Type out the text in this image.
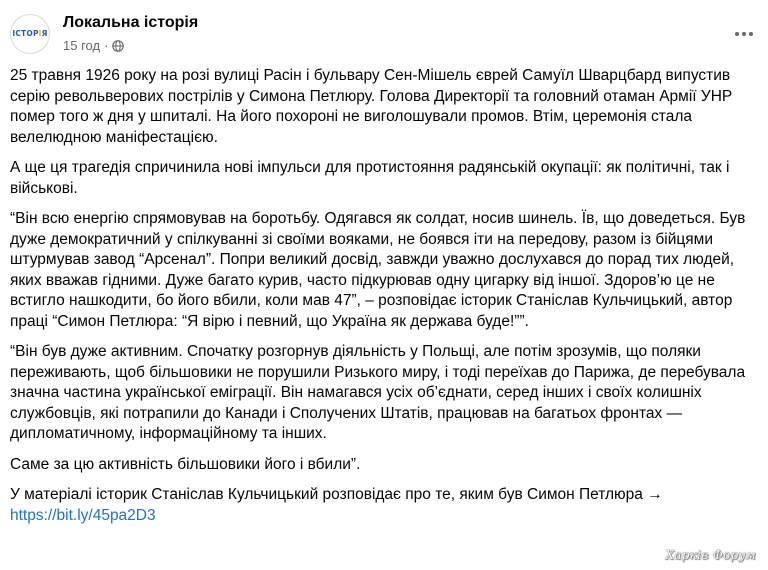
ІСТОРІЯ
Локальна історія
15 год ·

25 травня 1926 року на розі вулиці Расін і бульвару Сен-Мішель єврей Самуїл Шварцбард випустив серію револьверових пострілів у Симона Петлюру. Голова Директорії та головний отаман Армії УНР помер того ж дня у шпиталі. На його похороні не виголошували промов. Втім, церемонія стала велелюдною маніфестацією.

А ще ця трагедія спричинила нові імпульси для протистояння радянській окупації: як політичні, так і військові.

“Він всю енергію спрямовував на боротьбу. Одягався як солдат, носив шинель. Їв, що доведеться. Був дуже демократичний у спілкуванні зі своїми вояками, не боявся іти на передову, разом із бійцями штурмував завод “Арсенал”. Попри великий досвід, завжди уважно дослухався до порад тих людей, яких вважав гідними. Дуже багато курив, часто підкурював одну цигарку від іншої. Здоров’ю це не встигло нашкодити, бо його вбили, коли мав 47”, – розповідає історик Станіслав Кульчицький, автор праці “Симон Петлюра: “Я вірю і певний, що Україна як держава буде!””.

“Він був дуже активним. Спочатку розгорнув діяльність у Польщі, але потім зрозумів, що поляки переживають, щоб більшовики не порушили Ризького миру, і тоді переїхав до Парижа, де перебувала значна частина української еміграції. Він намагався усіх об’єднати, серед інших і своїх колишніх службовців, які потрапили до Канади і Сполучених Штатів, працював на багатьох фронтах — дипломатичному, інформаційному та інших.

Саме за цю активність більшовики його і вбили”.

У матеріалі історик Станіслав Кульчицький розповідає про те, яким був Симон Петлюра →
https://bit.ly/45pa2D3

Харків Форум
